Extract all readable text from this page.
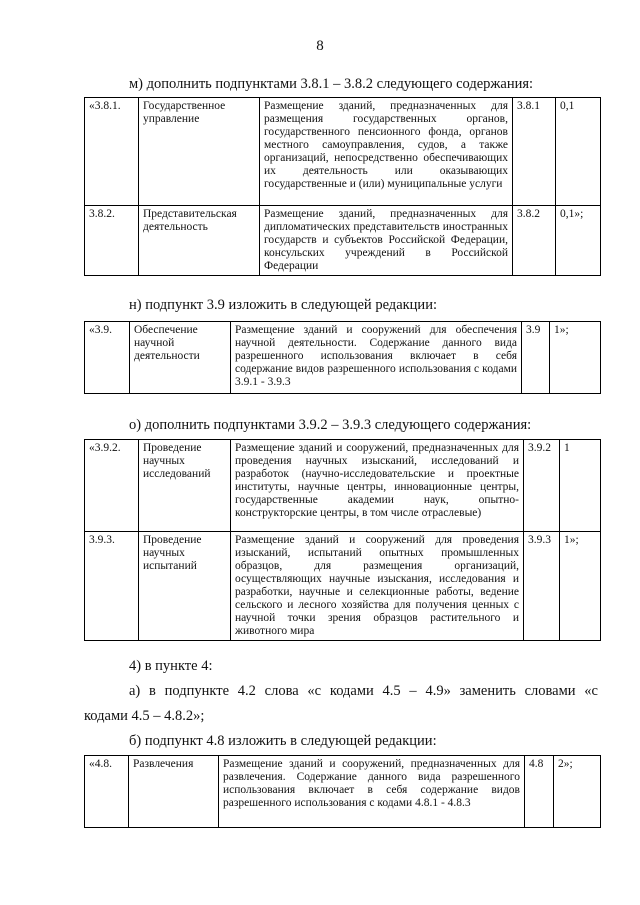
8
м) дополнить подпунктами 3.8.1 – 3.8.2 следующего содержания:
«3.8.1.	Государственное управление	Размещение зданий, предназначенных для размещения государственных органов, государственного пенсионного фонда, органов местного самоуправления, судов, а также организаций, непосредственно обеспечивающих их деятельность или оказывающих государственные и (или) муниципальные услуги	3.8.1	0,1
3.8.2.	Представительская деятельность	Размещение зданий, предназначенных для дипломатических представительств иностранных государств и субъектов Российской Федерации, консульских учреждений в Российской Федерации	3.8.2	0,1»;
н) подпункт 3.9 изложить в следующей редакции:
«3.9.	Обеспечение научной деятельности	Размещение зданий и сооружений для обеспечения научной деятельности. Содержание данного вида разрешенного использования включает в себя содержание видов разрешенного использования с кодами 3.9.1 - 3.9.3	3.9	1»;
о) дополнить подпунктами 3.9.2 – 3.9.3 следующего содержания:
«3.9.2.	Проведение научных исследований	Размещение зданий и сооружений, предназначенных для проведения научных изысканий, исследований и разработок (научно-исследовательские и проектные институты, научные центры, инновационные центры, государственные академии наук, опытно-конструкторские центры, в том числе отраслевые)	3.9.2	1
3.9.3.	Проведение научных испытаний	Размещение зданий и сооружений для проведения изысканий, испытаний опытных промышленных образцов, для размещения организаций, осуществляющих научные изыскания, исследования и разработки, научные и селекционные работы, ведение сельского и лесного хозяйства для получения ценных с научной точки зрения образцов растительного и животного мира	3.9.3	1»;
4) в пункте 4:
а) в подпункте 4.2 слова «с кодами 4.5 – 4.9» заменить словами «с
кодами 4.5 – 4.8.2»;
б) подпункт 4.8 изложить в следующей редакции:
«4.8.	Развлечения	Размещение зданий и сооружений, предназначенных для развлечения. Содержание данного вида разрешенного использования включает в себя содержание видов разрешенного использования с кодами 4.8.1 - 4.8.3	4.8	2»;
